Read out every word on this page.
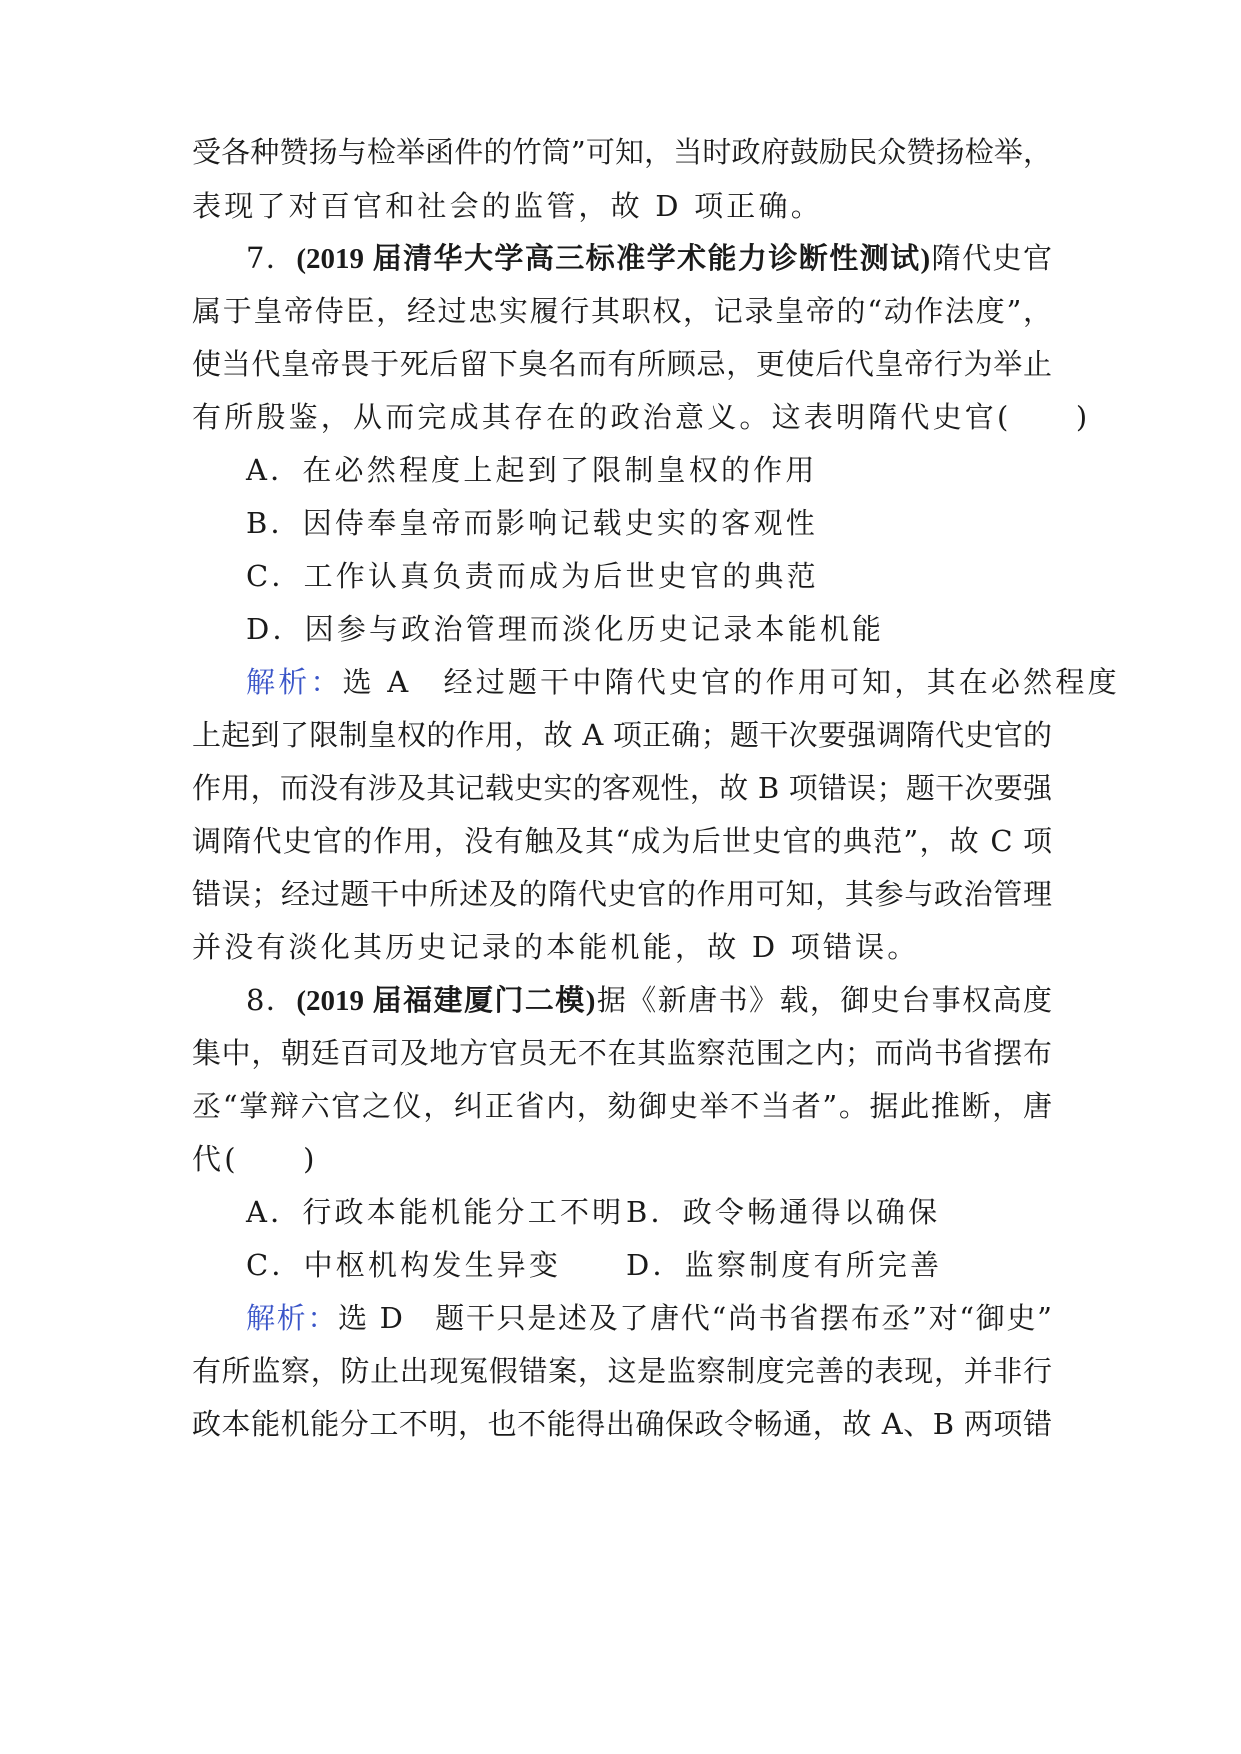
受各种赞扬与检举函件的竹筒”可知，当时政府鼓励民众赞扬检举，
表现了对百官和社会的监管，故 D 项正确。
7．(2019 届清华大学高三标准学术能力诊断性测试)隋代史官
属于皇帝侍臣，经过忠实履行其职权，记录皇帝的“动作法度”，
使当代皇帝畏于死后留下臭名而有所顾忌，更使后代皇帝行为举止
有所殷鉴，从而完成其存在的政治意义。这表明隋代史官(　　)
A．在必然程度上起到了限制皇权的作用
B．因侍奉皇帝而影响记载史实的客观性
C．工作认真负责而成为后世史官的典范
D．因参与政治管理而淡化历史记录本能机能
解析：选 A　经过题干中隋代史官的作用可知，其在必然程度
上起到了限制皇权的作用，故 A 项正确；题干次要强调隋代史官的
作用，而没有涉及其记载史实的客观性，故 B 项错误；题干次要强
调隋代史官的作用，没有触及其“成为后世史官的典范”，故 C 项
错误；经过题干中所述及的隋代史官的作用可知，其参与政治管理
并没有淡化其历史记录的本能机能，故 D 项错误。
8．(2019 届福建厦门二模)据《新唐书》载，御史台事权高度
集中，朝廷百司及地方官员无不在其监察范围之内；而尚书省摆布
丞“掌辩六官之仪，纠正省内，劾御史举不当者”。据此推断，唐
代(　　)
A．行政本能机能分工不明 B．政令畅通得以确保
C．中枢机构发生异变 D．监察制度有所完善
解析：选 D　题干只是述及了唐代“尚书省摆布丞”对“御史”
有所监察，防止出现冤假错案，这是监察制度完善的表现，并非行
政本能机能分工不明，也不能得出确保政令畅通，故 A、B 两项错
